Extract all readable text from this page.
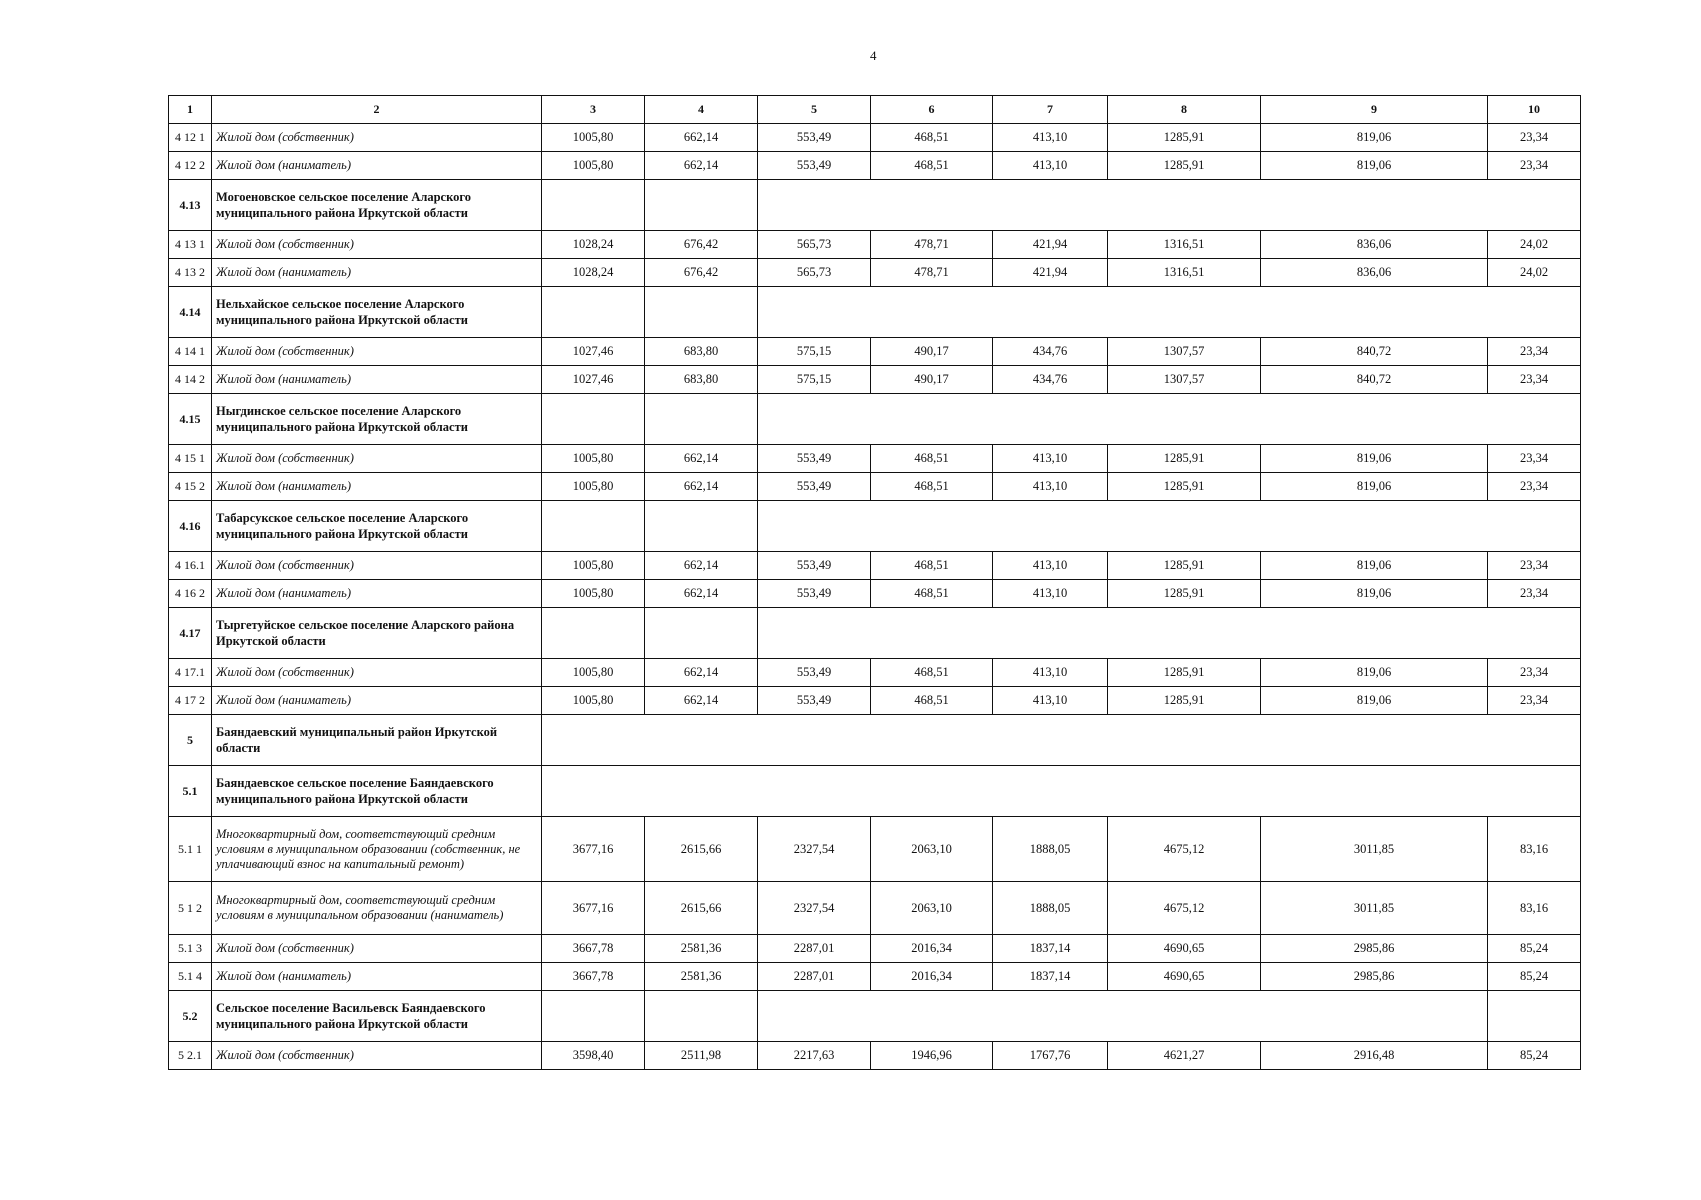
4
1	2	3	4	5	6	7	8	9	10
4 12 1	Жилой дом (собственник)	1005,80	662,14	553,49	468,51	413,10	1285,91	819,06	23,34
4 12 2	Жилой дом (наниматель)	1005,80	662,14	553,49	468,51	413,10	1285,91	819,06	23,34
4.13	Могоеновское сельское поселение Аларского муниципального района Иркутской области								
4 13 1	Жилой дом (собственник)	1028,24	676,42	565,73	478,71	421,94	1316,51	836,06	24,02
4 13 2	Жилой дом (наниматель)	1028,24	676,42	565,73	478,71	421,94	1316,51	836,06	24,02
4.14	Нельхайское сельское поселение Аларского муниципального района Иркутской области								
4 14 1	Жилой дом (собственник)	1027,46	683,80	575,15	490,17	434,76	1307,57	840,72	23,34
4 14 2	Жилой дом (наниматель)	1027,46	683,80	575,15	490,17	434,76	1307,57	840,72	23,34
4.15	Ныгдинское сельское поселение Аларского муниципального района Иркутской области								
4 15 1	Жилой дом (собственник)	1005,80	662,14	553,49	468,51	413,10	1285,91	819,06	23,34
4 15 2	Жилой дом (наниматель)	1005,80	662,14	553,49	468,51	413,10	1285,91	819,06	23,34
4.16	Табарсукское сельское поселение Аларского муниципального района Иркутской области								
4 16.1	Жилой дом (собственник)	1005,80	662,14	553,49	468,51	413,10	1285,91	819,06	23,34
4 16 2	Жилой дом (наниматель)	1005,80	662,14	553,49	468,51	413,10	1285,91	819,06	23,34
4.17	Тыргетуйское сельское поселение Аларского района Иркутской области								
4 17.1	Жилой дом (собственник)	1005,80	662,14	553,49	468,51	413,10	1285,91	819,06	23,34
4 17 2	Жилой дом (наниматель)	1005,80	662,14	553,49	468,51	413,10	1285,91	819,06	23,34
5	Баяндаевский муниципальный район Иркутской области								
5.1	Баяндаевское сельское поселение Баяндаевского муниципального района Иркутской области								
5.1 1	Многоквартирный дом, соответствующий средним условиям в муниципальном образовании (собственник, не уплачивающий взнос на капитальный ремонт)	3677,16	2615,66	2327,54	2063,10	1888,05	4675,12	3011,85	83,16
5 1 2	Многоквартирный дом, соответствующий средним условиям в муниципальном образовании (наниматель)	3677,16	2615,66	2327,54	2063,10	1888,05	4675,12	3011,85	83,16
5.1 3	Жилой дом (собственник)	3667,78	2581,36	2287,01	2016,34	1837,14	4690,65	2985,86	85,24
5.1 4	Жилой дом (наниматель)	3667,78	2581,36	2287,01	2016,34	1837,14	4690,65	2985,86	85,24
5.2	Сельское поселение Васильевск Баяндаевского муниципального района Иркутской области								
5 2.1	Жилой дом (собственник)	3598,40	2511,98	2217,63	1946,96	1767,76	4621,27	2916,48	85,24
